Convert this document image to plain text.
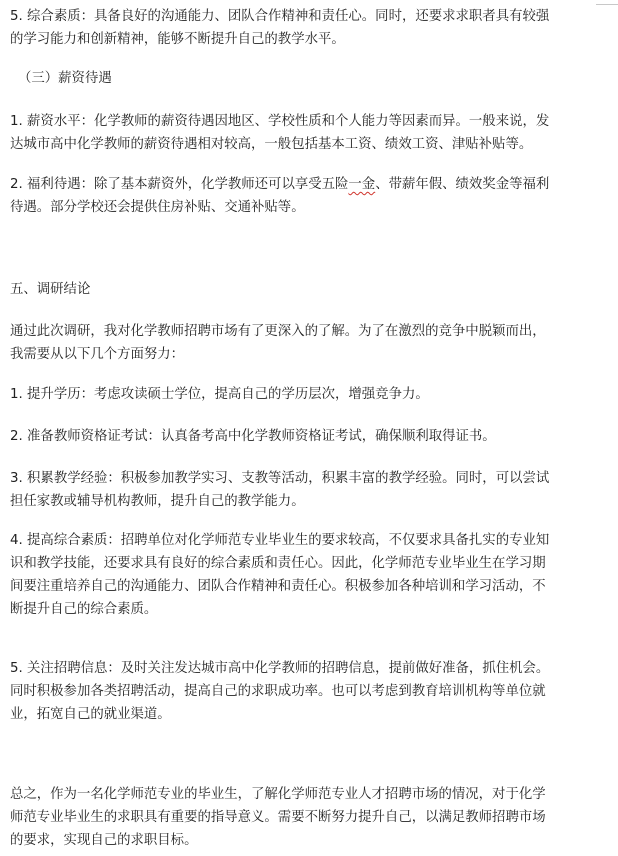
5. 综合素质：具备良好的沟通能力、团队合作精神和责任心。同时，还要求求职者具有较强
的学习能力和创新精神，能够不断提升自己的教学水平。
（三）薪资待遇
1. 薪资水平：化学教师的薪资待遇因地区、学校性质和个人能力等因素而异。一般来说，发
达城市高中化学教师的薪资待遇相对较高，一般包括基本工资、绩效工资、津贴补贴等。
2. 福利待遇：除了基本薪资外，化学教师还可以享受五险一金、带薪年假、绩效奖金等福利
待遇。部分学校还会提供住房补贴、交通补贴等。
五、调研结论
通过此次调研，我对化学教师招聘市场有了更深入的了解。为了在激烈的竞争中脱颖而出，
我需要从以下几个方面努力：
1. 提升学历：考虑攻读硕士学位，提高自己的学历层次，增强竞争力。
2. 准备教师资格证考试：认真备考高中化学教师资格证考试，确保顺利取得证书。
3. 积累教学经验：积极参加教学实习、支教等活动，积累丰富的教学经验。同时，可以尝试
担任家教或辅导机构教师，提升自己的教学能力。
4. 提高综合素质：招聘单位对化学师范专业毕业生的要求较高，不仅要求具备扎实的专业知
识和教学技能，还要求具有良好的综合素质和责任心。因此，化学师范专业毕业生在学习期
间要注重培养自己的沟通能力、团队合作精神和责任心。积极参加各种培训和学习活动，不
断提升自己的综合素质。
5. 关注招聘信息：及时关注发达城市高中化学教师的招聘信息，提前做好准备，抓住机会。
同时积极参加各类招聘活动，提高自己的求职成功率。也可以考虑到教育培训机构等单位就
业，拓宽自己的就业渠道。
总之，作为一名化学师范专业的毕业生，了解化学师范专业人才招聘市场的情况，对于化学
师范专业毕业生的求职具有重要的指导意义。需要不断努力提升自己，以满足教师招聘市场
的要求，实现自己的求职目标。
